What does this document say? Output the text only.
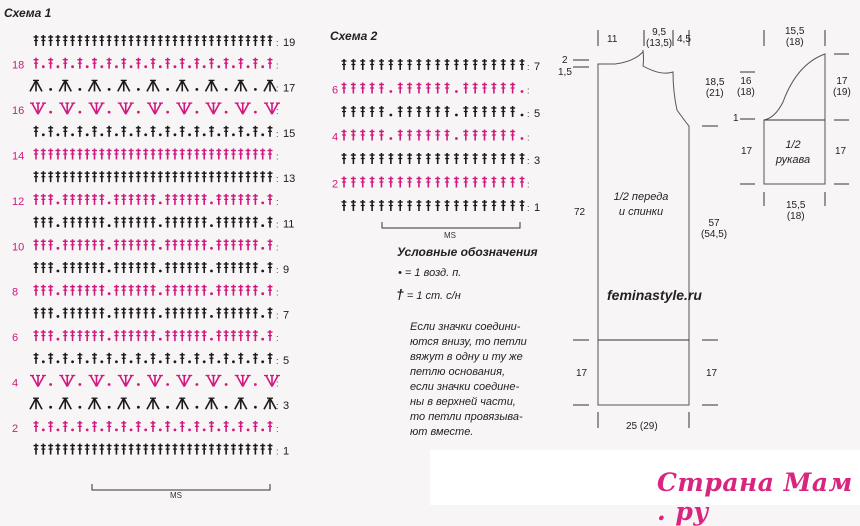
Схема 1
:
:
:
:
:
:
:
:
:
:
:
:
:
:
:
:
:
:
:
19
17
15
13
11
9
7
5
3
1
18
16
14
12
10
8
6
4
2
MS
Схема 2
:
:
:
:
:
:
:
7
5
3
1
6
4
2
MS
Условные обозначения
• = 1 возд. п.
† = 1 ст. с/н
Если значки соедини-
ются внизу, то петли
вяжут в одну и ту же
петлю основания,
если значки соедине-
ны в верхней части,
то петли провязыва-
ют вместе.
11
9,5
(13,5) 4,5
2
1,5
18,5
(21)
72
57
(54,5)
17	17
25 (29)
1/2 переда
и спинки
15,5
(18)
16
(18)
17
(19)
1
17	17
15,5
(18)
1/2
рукава
feminastyle.ru
Страна Мам . ру
